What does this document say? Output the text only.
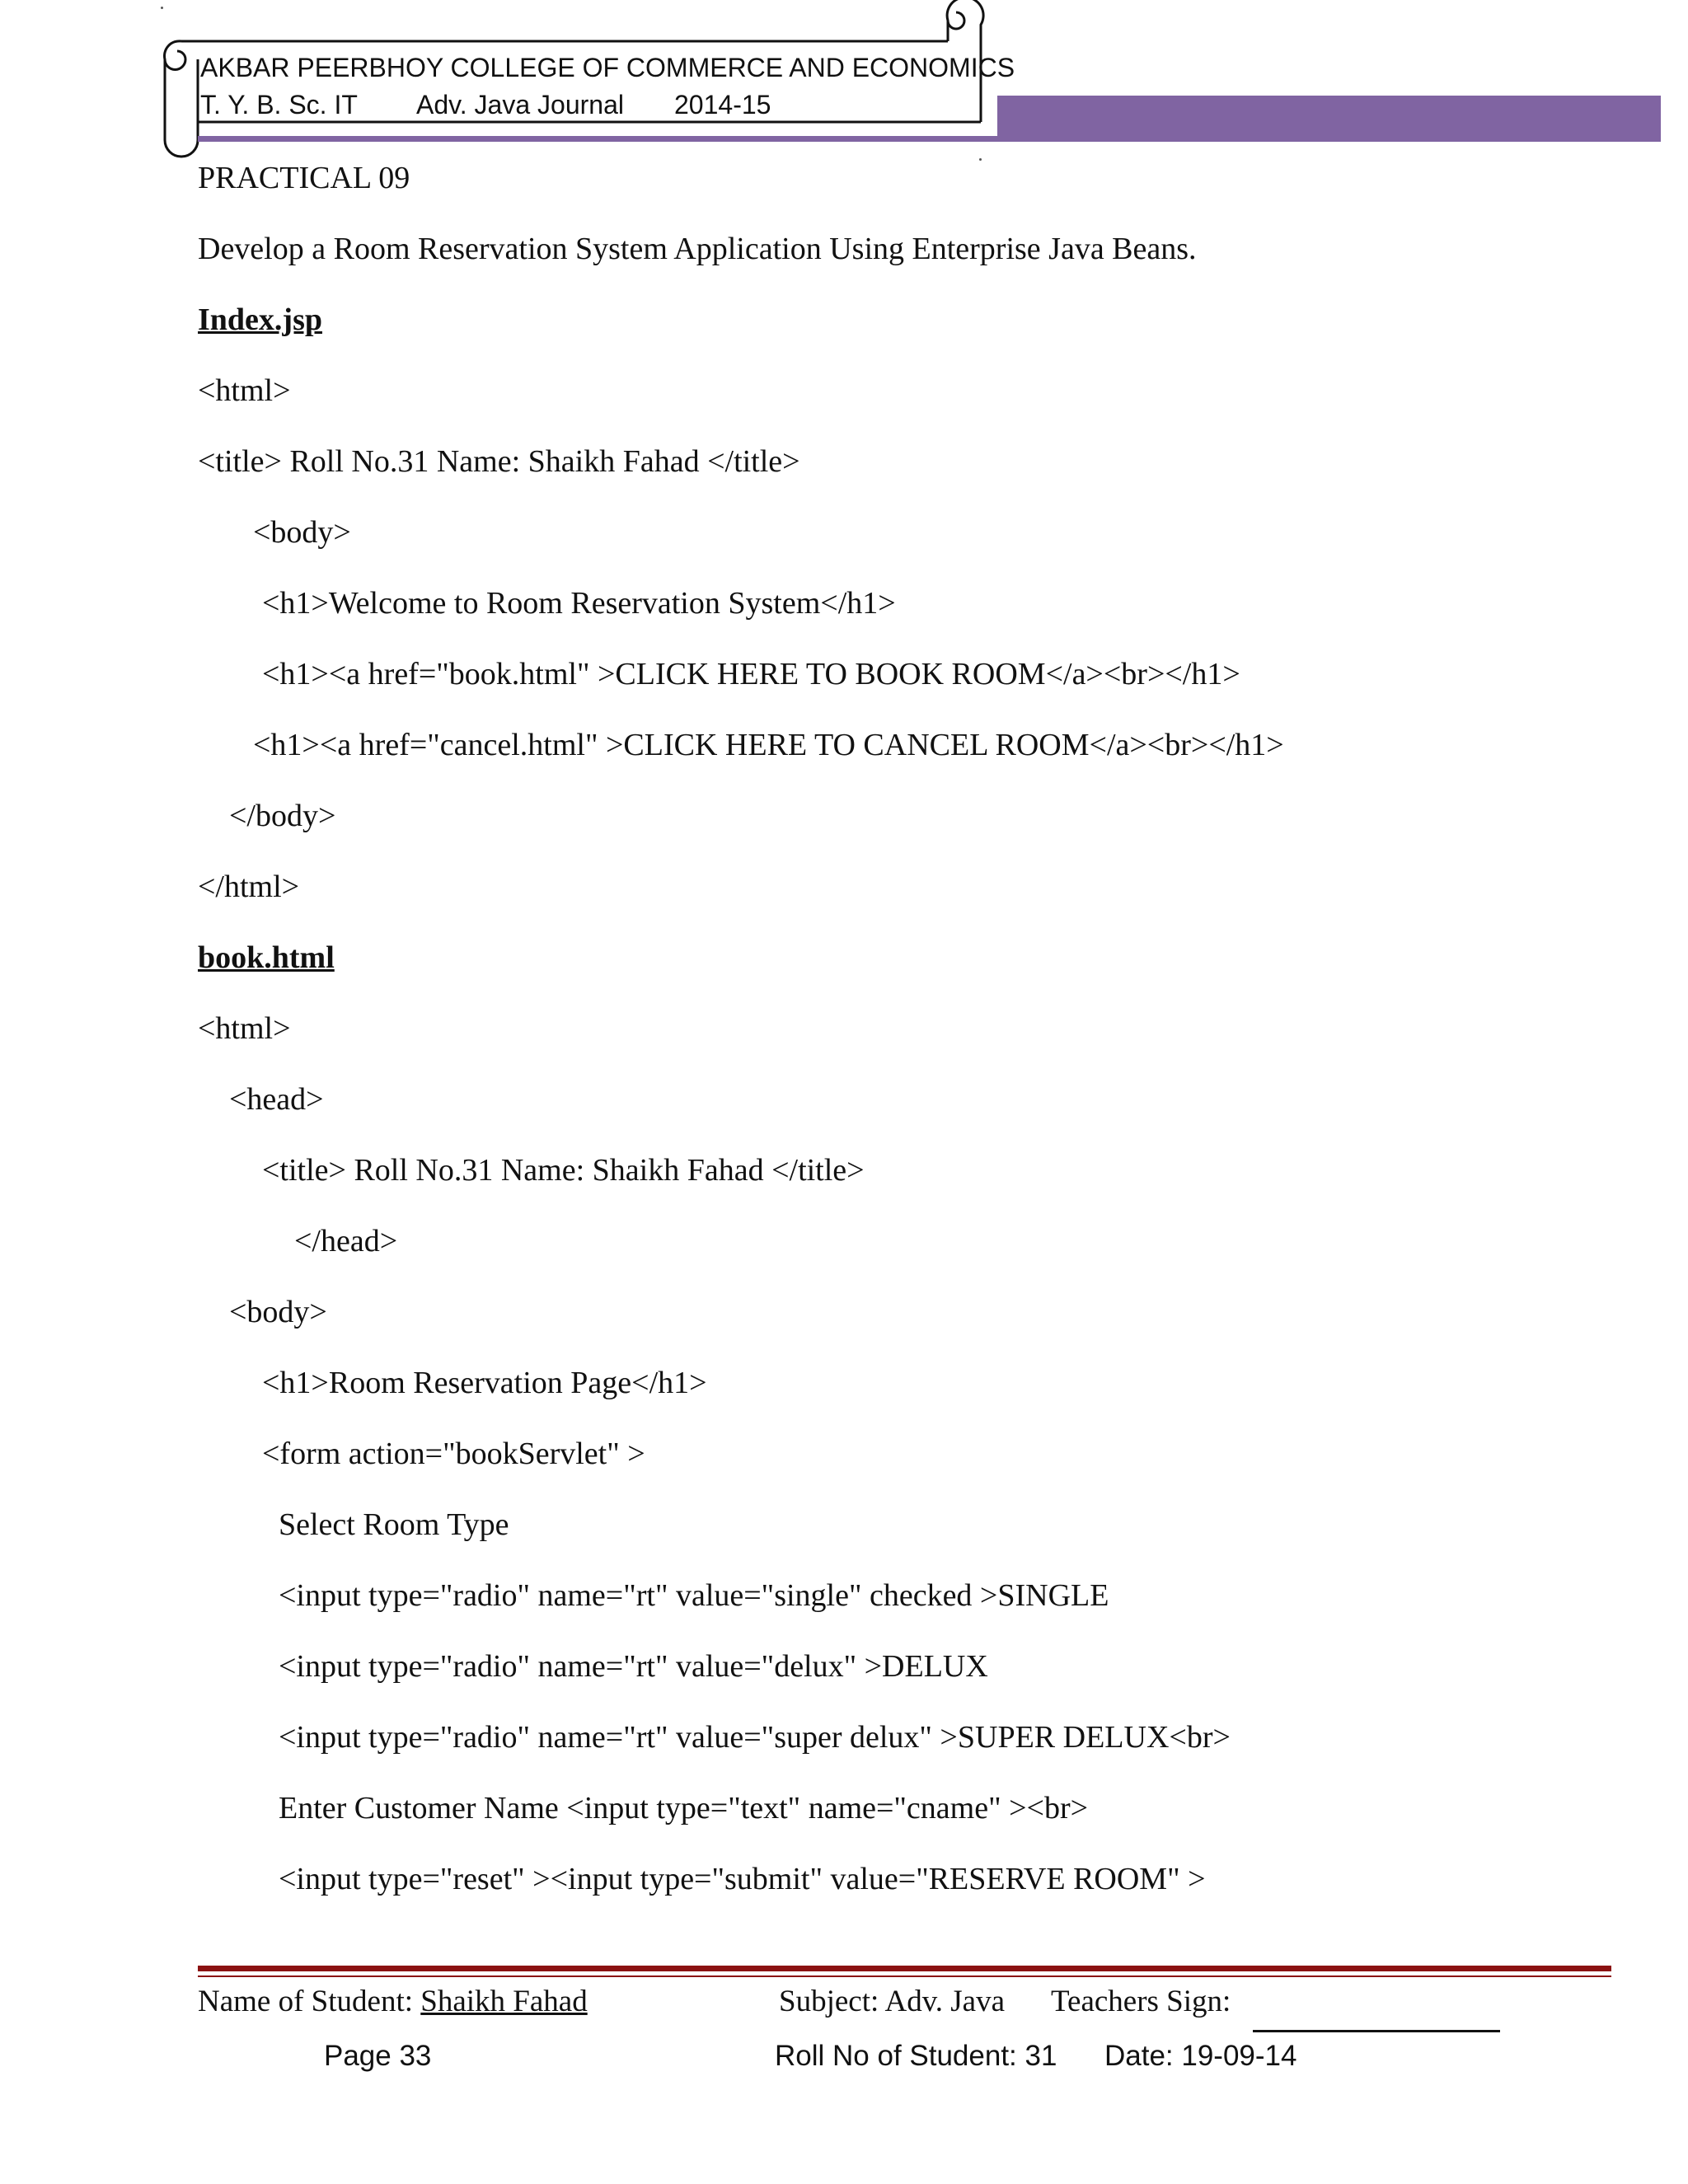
AKBAR PEERBHOY COLLEGE OF COMMERCE AND ECONOMICS

T. Y. B. Sc. IT

Adv. Java Journal

2014-15

PRACTICAL 09
Develop a Room Reservation System Application Using Enterprise Java Beans.
Index.jsp
<html>
<title> Roll No.31 Name: Shaikh Fahad </title>
<body>
<h1>Welcome to Room Reservation System</h1>
<h1><a href="book.html" >CLICK HERE TO BOOK ROOM</a><br></h1>
<h1><a href="cancel.html" >CLICK HERE TO CANCEL ROOM</a><br></h1>
</body>
</html>
book.html
<html>
<head>
<title> Roll No.31 Name: Shaikh Fahad </title>
</head>
<body>
<h1>Room Reservation Page</h1>
<form action="bookServlet" >
Select Room Type
<input type="radio" name="rt" value="single" checked >SINGLE
<input type="radio" name="rt" value="delux" >DELUX
<input type="radio" name="rt" value="super delux" >SUPER DELUX<br>
Enter Customer Name <input type="text" name="cname" ><br>
<input type="reset" ><input type="submit" value="RESERVE ROOM" >
Name of Student: Shaikh Fahad	Subject: Adv. Java Teachers Sign:
Page 33	Roll No of Student: 31 Date: 19-09-14
